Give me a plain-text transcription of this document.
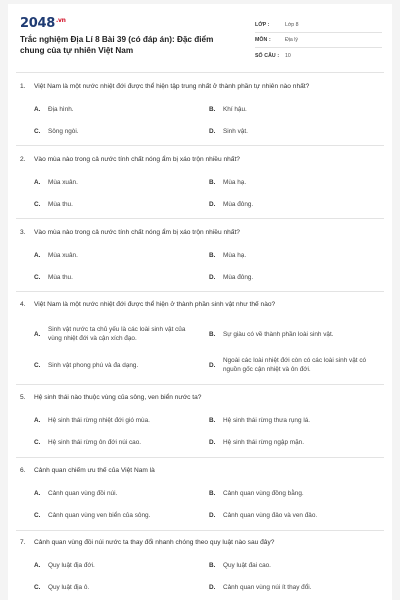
$2048^{.vn}$
Trắc nghiệm Địa Lí 8 Bài 39 (có đáp án): Đặc điểm chung của tự nhiên Việt Nam
LỚP :	Lớp 8
MÔN :	Địa lý
SỐ CÂU :	10
1.	Việt Nam là một nước nhiệt đới được thể hiện tập trung nhất ở thành phần tự nhiên nào nhất?
A.	Địa hình.	B.	Khí hậu.
C.	Sông ngòi.	D.	Sinh vật.
2.	Vào mùa nào trong cả nước tính chất nóng ẩm bị xáo trộn nhiều nhất?
A.	Mùa xuân.	B.	Mùa hạ.
C.	Mùa thu.	D.	Mùa đông.
3.	Vào mùa nào trong cả nước tính chất nóng ẩm bị xáo trộn nhiều nhất?
A.	Mùa xuân.	B.	Mùa hạ.
C.	Mùa thu.	D.	Mùa đông.
4.	Việt Nam là một nước nhiệt đới được thể hiện ở thành phần sinh vật như thế nào?
A.
Sinh vật nước ta chủ yếu là các loài sinh vật của vùng nhiệt đới và cận xích đạo.
B.	Sự giàu có về thành phần loài sinh vật.
C.	Sinh vật phong phú và đa dạng.	D.
Ngoài các loài nhiệt đới còn có các loài sinh vật có nguồn gốc cận nhiệt và ôn đới.
5.	Hệ sinh thái nào thuộc vùng của sông, ven biển nước ta?
A.	Hệ sinh thái rừng nhiệt đới gió mùa.	B.	Hệ sinh thái rừng thưa rụng lá.
C.	Hệ sinh thái rừng ôn đới núi cao.	D.	Hệ sinh thái rừng ngập mặn.
6.	Cảnh quan chiếm ưu thế của Việt Nam là
A.	Cảnh quan vùng đồi núi.	B.	Cảnh quan vùng đồng bằng.
C.	Cảnh quan vùng ven biển của sông.	D.	Cảnh quan vùng đảo và ven đảo.
7.	Cảnh quan vùng đồi núi nước ta thay đổi nhanh chóng theo quy luật nào sau đây?
A.	Quy luật địa đới.	B.	Quy luật đai cao.
C.	Quy luật địa ô.	D.	Cảnh quan vùng núi ít thay đổi.
